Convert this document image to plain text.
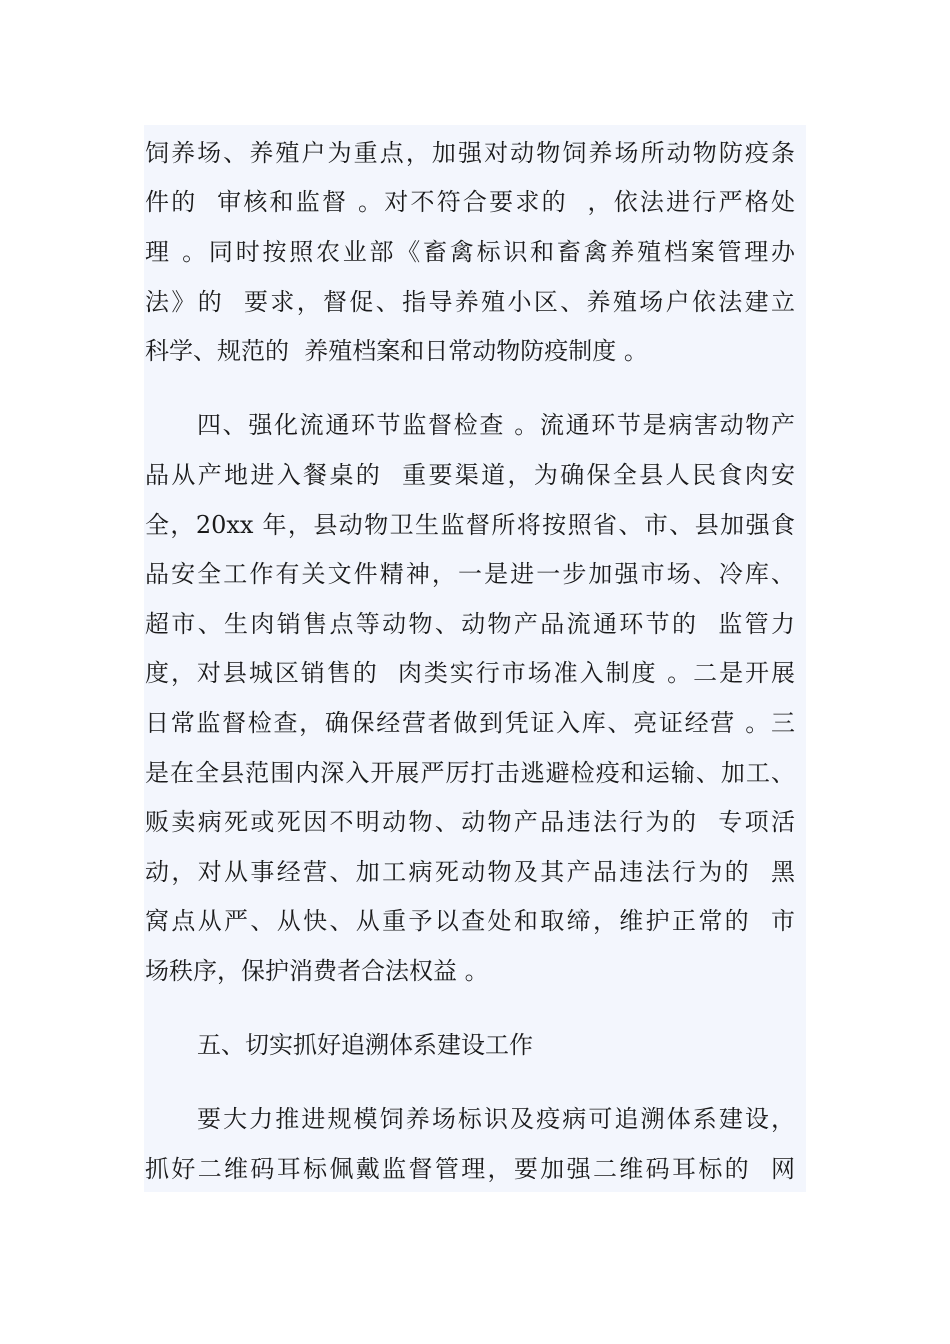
饲养场、养殖户为重点，加强对动物饲养场所动物防疫条
件的  审核和监督 。对不符合要求的  ，依法进行严格处
理 。同时按照农业部《畜禽标识和畜禽养殖档案管理办
法》的  要求，督促、指导养殖小区、养殖场户依法建立
科学、规范的  养殖档案和日常动物防疫制度 。
四、强化流通环节监督检查 。流通环节是病害动物产
品从产地进入餐桌的  重要渠道，为确保全县人民食肉安
全，20xx 年，县动物卫生监督所将按照省、市、县加强食
品安全工作有关文件精神，一是进一步加强市场、冷库、
超市、生肉销售点等动物、动物产品流通环节的  监管力
度，对县城区销售的  肉类实行市场准入制度 。二是开展
日常监督检查，确保经营者做到凭证入库、亮证经营 。三
是在全县范围内深入开展严厉打击逃避检疫和运输、加工、
贩卖病死或死因不明动物、动物产品违法行为的  专项活
动，对从事经营、加工病死动物及其产品违法行为的  黑
窝点从严、从快、从重予以查处和取缔，维护正常的  市
场秩序，保护消费者合法权益 。
五、切实抓好追溯体系建设工作
要大力推进规模饲养场标识及疫病可追溯体系建设，
抓好二维码耳标佩戴监督管理，要加强二维码耳标的  网
